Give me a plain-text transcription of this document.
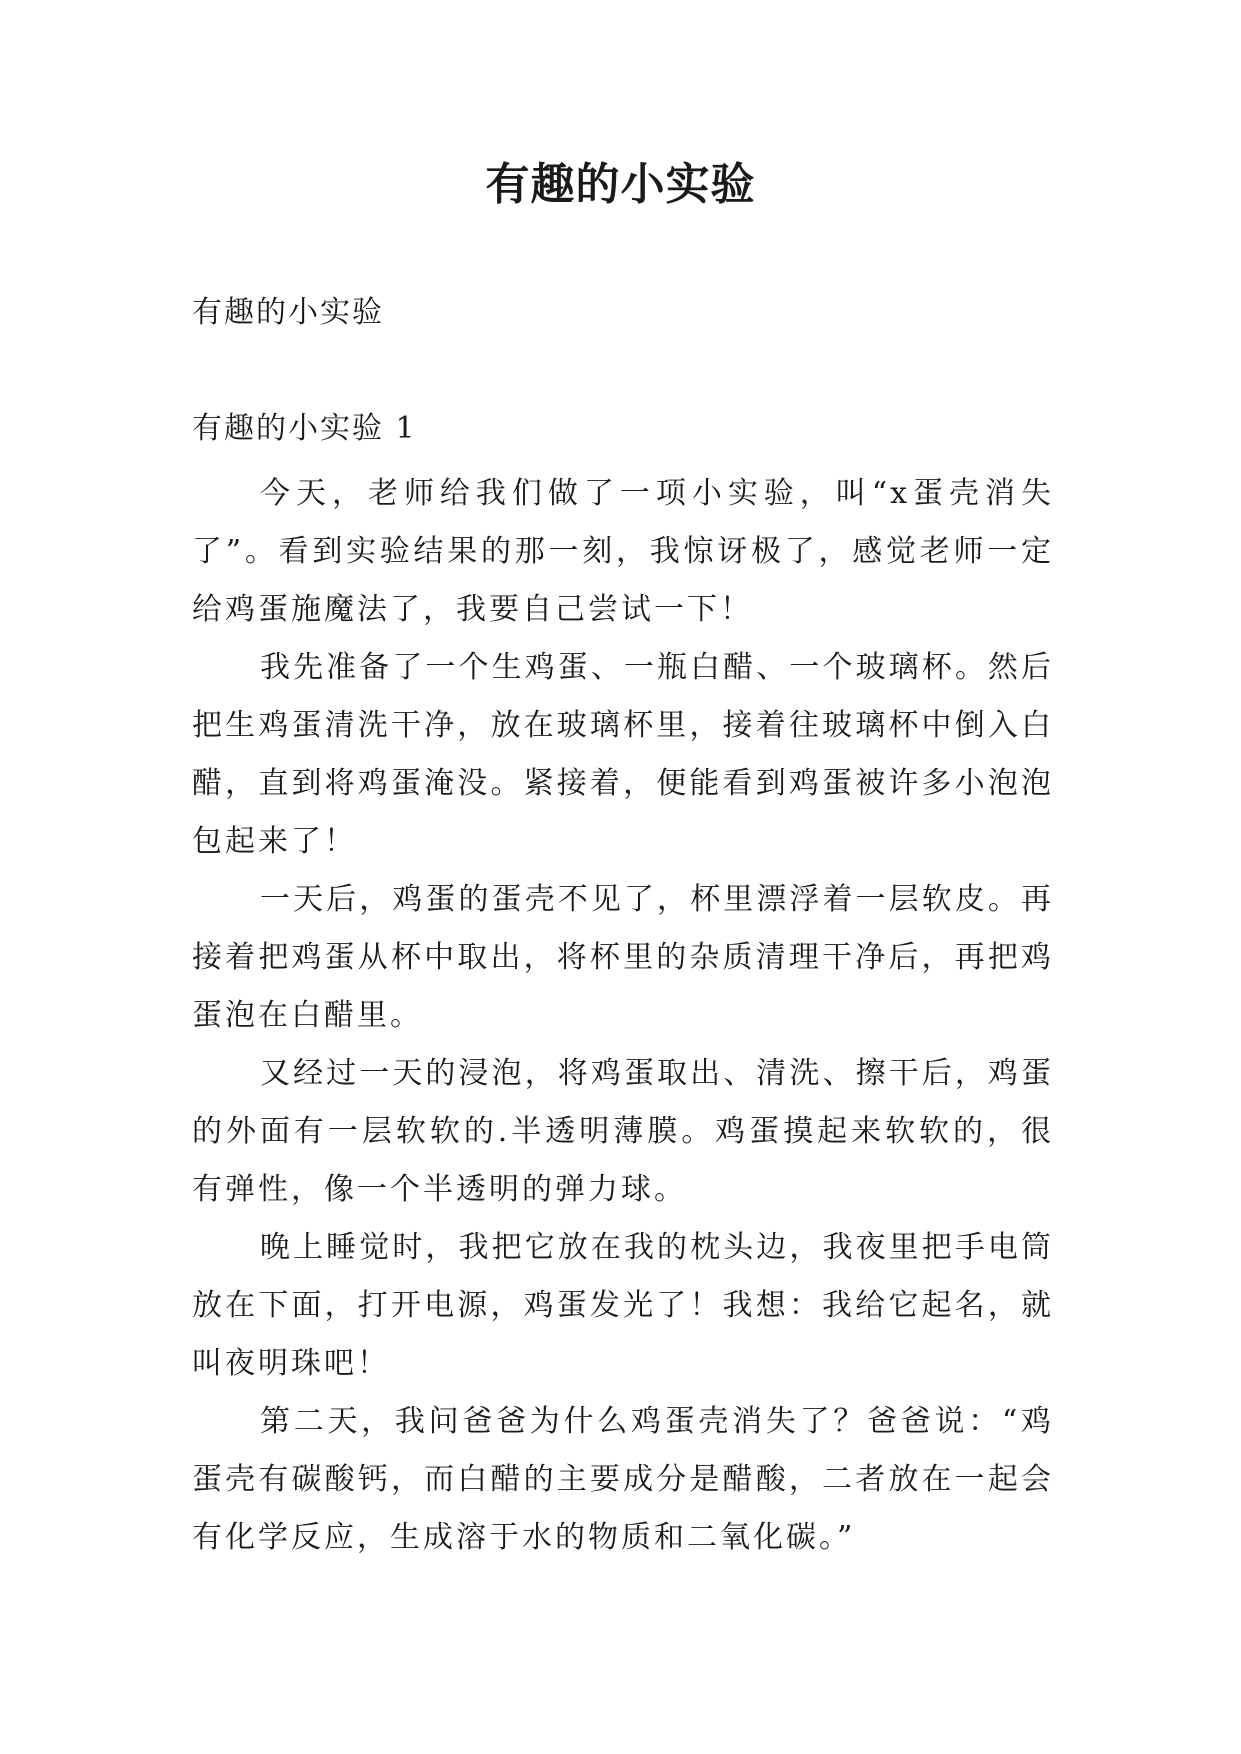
有趣的小实验

有趣的小实验

有趣的小实验 1

今天，老师给我们做了一项小实验，叫“x蛋壳消失了”。看到实验结果的那一刻，我惊讶极了，感觉老师一定给鸡蛋施魔法了，我要自己尝试一下！

我先准备了一个生鸡蛋、一瓶白醋、一个玻璃杯。然后把生鸡蛋清洗干净，放在玻璃杯里，接着往玻璃杯中倒入白醋，直到将鸡蛋淹没。紧接着，便能看到鸡蛋被许多小泡泡包起来了！

一天后，鸡蛋的蛋壳不见了，杯里漂浮着一层软皮。再接着把鸡蛋从杯中取出，将杯里的杂质清理干净后，再把鸡蛋泡在白醋里。

又经过一天的浸泡，将鸡蛋取出、清洗、擦干后，鸡蛋的外面有一层软软的.半透明薄膜。鸡蛋摸起来软软的，很有弹性，像一个半透明的弹力球。

晚上睡觉时，我把它放在我的枕头边，我夜里把手电筒放在下面，打开电源，鸡蛋发光了！我想：我给它起名，就叫夜明珠吧！

第二天，我问爸爸为什么鸡蛋壳消失了？爸爸说：“鸡蛋壳有碳酸钙，而白醋的主要成分是醋酸，二者放在一起会有化学反应，生成溶于水的物质和二氧化碳。”
